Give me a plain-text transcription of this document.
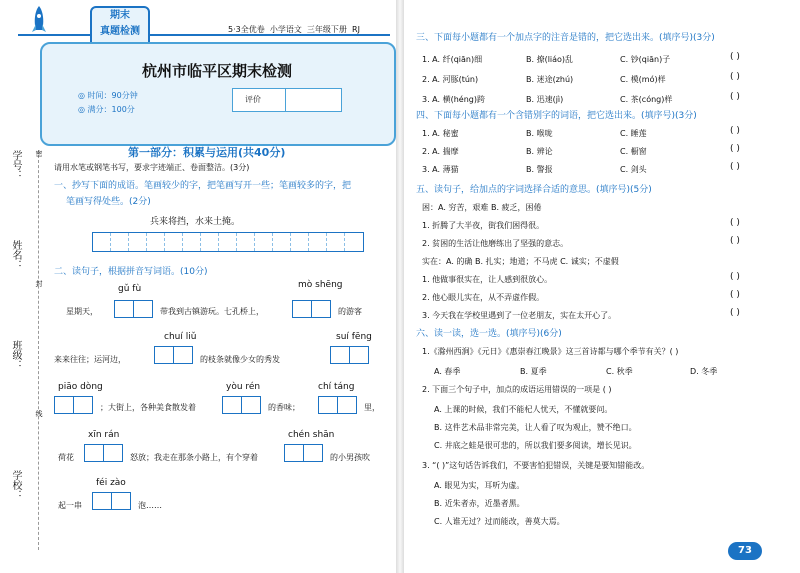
期末
真题检测	5·3全优卷 小学语文 三年级下册 RJ
杭州市临平区期末检测
◎ 时间：90分钟
◎ 满分：100分
评价
学号：
姓名：
班级：
学校：
密
封
线
第一部分：积累与运用(共40分)
请用水笔或钢笔书写，要求字迹端正、卷面整洁。(3分)
一、抄写下面的成语。笔画较少的字，把笔画写开一些；笔画较多的字，把
笔画写得处些。(2分)
兵来将挡，水来土掩。
二、读句子，根据拼音写词语。(10分)
gǔ fù	mò shēng
星期天，	带我到古镇游玩。七孔桥上，	的游客
chuí liǔ	suí fēng
来来往往；运河边，	的枝条就像少女的秀发
piāo dòng	yòu rén	chí táng
；大街上，各种美食散发着	的香味；	里，
xīn rán	chén shān
荷花	怒放；我走在那条小路上，有个穿着	的小男孩吹
féi zào
起一串	泡……
三、下面每小题都有一个加点字的注音是错的，把它选出来。(填序号)(3分)
1. A. 纤(qiān)细	B. 撩(liáo)乱	C. 钞(qiān)子	( )
2. A. 河豚(tún)	B. 迷途(zhú)	C. 模(mó)样	( )
3. A. 横(héng)跨	B. 迅速(jì)	C. 茶(cóng)样	( )
四、下面每小题都有一个含错别字的词语，把它选出来。(填序号)(3分)
1. A. 秘蜜	B. 喉咙	C. 睡莲	( )
2. A. 揣摩	B. 辨论	C. 橱窗	( )
3. A. 薄猫	B. 警报	C. 剑头	( )
五、读句子，给加点的字词选择合适的意思。(填序号)(5分)
困：A. 穷苦，艰难 B. 疲乏，困倦
1. 折腾了大半夜，街我们困得很。	( )
2. 贫困的生活让他磨练出了坚强的意志。	( )
实在：A. 的确 B. 扎实；地道；不马虎 C. 诚实；不虚假
1. 他做事很实在，让人感到很放心。	( )
2. 他心眼儿实在，从不弄虚作假。	( )
3. 今天我在学校里遇到了一位老朋友，实在太开心了。	( )
六、读一读，选一选。(填序号)(6分)
1.《滁州西涧》《元日》《惠崇春江晚景》这三首诗都与哪个季节有关？( )
A. 春季	B. 夏季	C. 秋季	D. 冬季
2. 下面三个句子中，加点的成语运用错误的一项是 ( )
A. 上课的时候，我们不能杞人忧天，不懂就要问。
B. 这件艺术品非常完美，让人看了叹为观止，赞不绝口。
C. 井底之蛙是很可悲的，所以我们要多阅读，增长见识。
3. “( )”这句话告诉我们，不要害怕犯错误，关键是要知错能改。
A. 眼见为实，耳听为虚。
B. 近朱者赤，近墨者黑。
C. 人谁无过？过而能改，善莫大焉。
73
